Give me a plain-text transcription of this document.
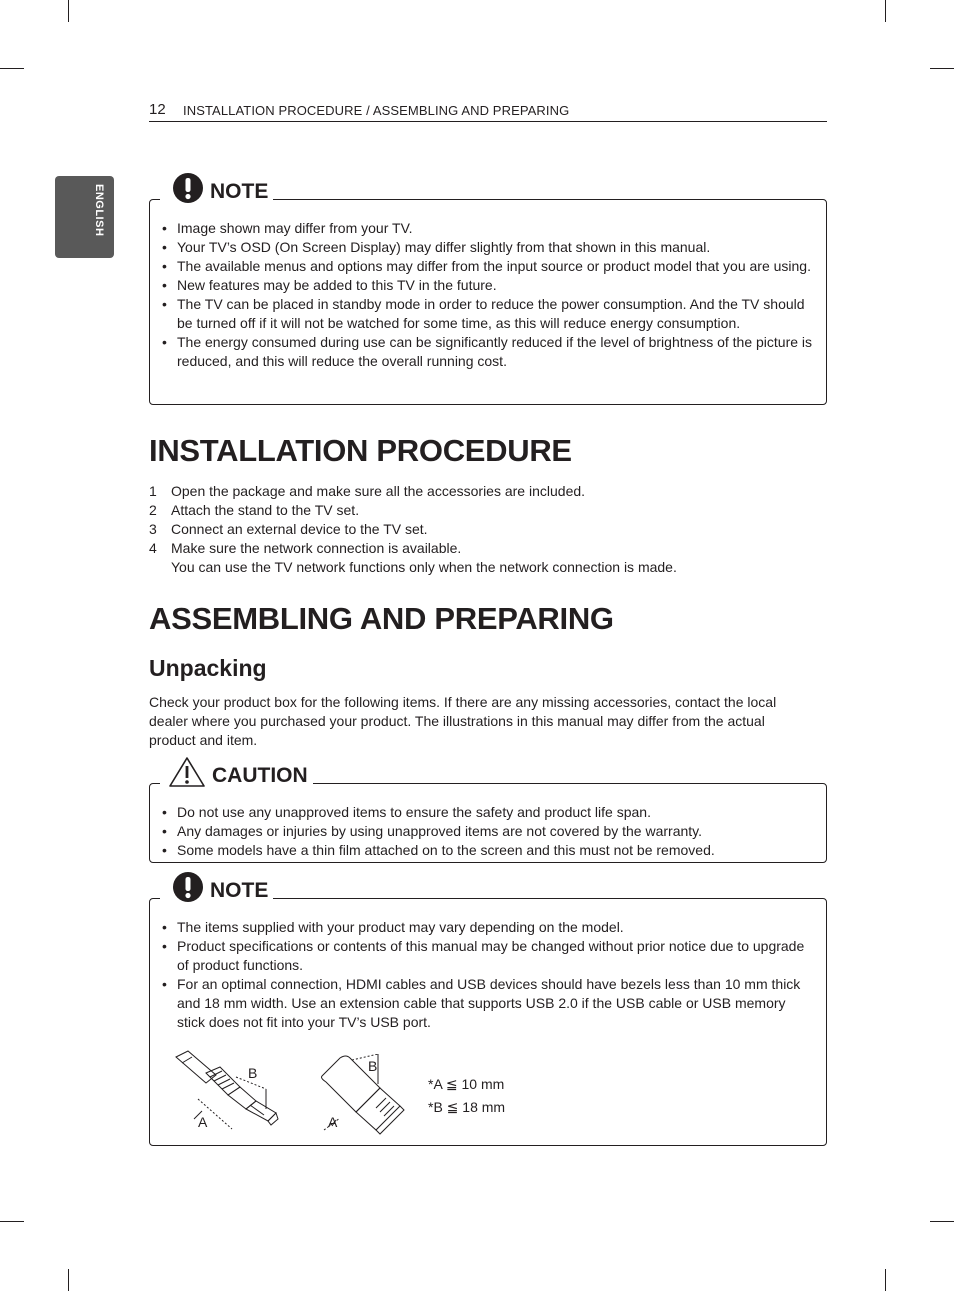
12 INSTALLATION PROCEDURE / ASSEMBLING AND PREPARING
ENGLISH	NOTE
• Image shown may differ from your TV.
• Your TV’s OSD (On Screen Display) may differ slightly from that shown in this manual.
• The available menus and options may differ from the input source or product model that you are using.
• New features may be added to this TV in the future.
• The TV can be placed in standby mode in order to reduce the power consumption. And the TV should be turned off if it will not be watched for some time, as this will reduce energy consumption.
• The energy consumed during use can be significantly reduced if the level of brightness of the picture is reduced, and this will reduce the overall running cost.
INSTALLATION PROCEDURE
1 Open the package and make sure all the accessories are included.
2 Attach the stand to the TV set.
3 Connect an external device to the TV set.
4 Make sure the network connection is available.
You can use the TV network functions only when the network connection is made.
ASSEMBLING AND PREPARING
Unpacking

Check your product box for the following items. If there are any missing accessories, contact the local dealer where you purchased your product. The illustrations in this manual may differ from the actual product and item.

CAUTION
• Do not use any unapproved items to ensure the safety and product life span.
• Any damages or injuries by using unapproved items are not covered by the warranty.
• Some models have a thin film attached on to the screen and this must not be removed.
NOTE
• The items supplied with your product may vary depending on the model.
• Product specifications or contents of this manual may be changed without prior notice due to upgrade of product functions.
• For an optimal connection, HDMI cables and USB devices should have bezels less than 10 mm thick and 18 mm width. Use an extension cable that supports USB 2.0 if the USB cable or USB memory stick does not fit into your TV’s USB port.
A
B
A
B
*A ≦ 10 mm
*B ≦ 18 mm
